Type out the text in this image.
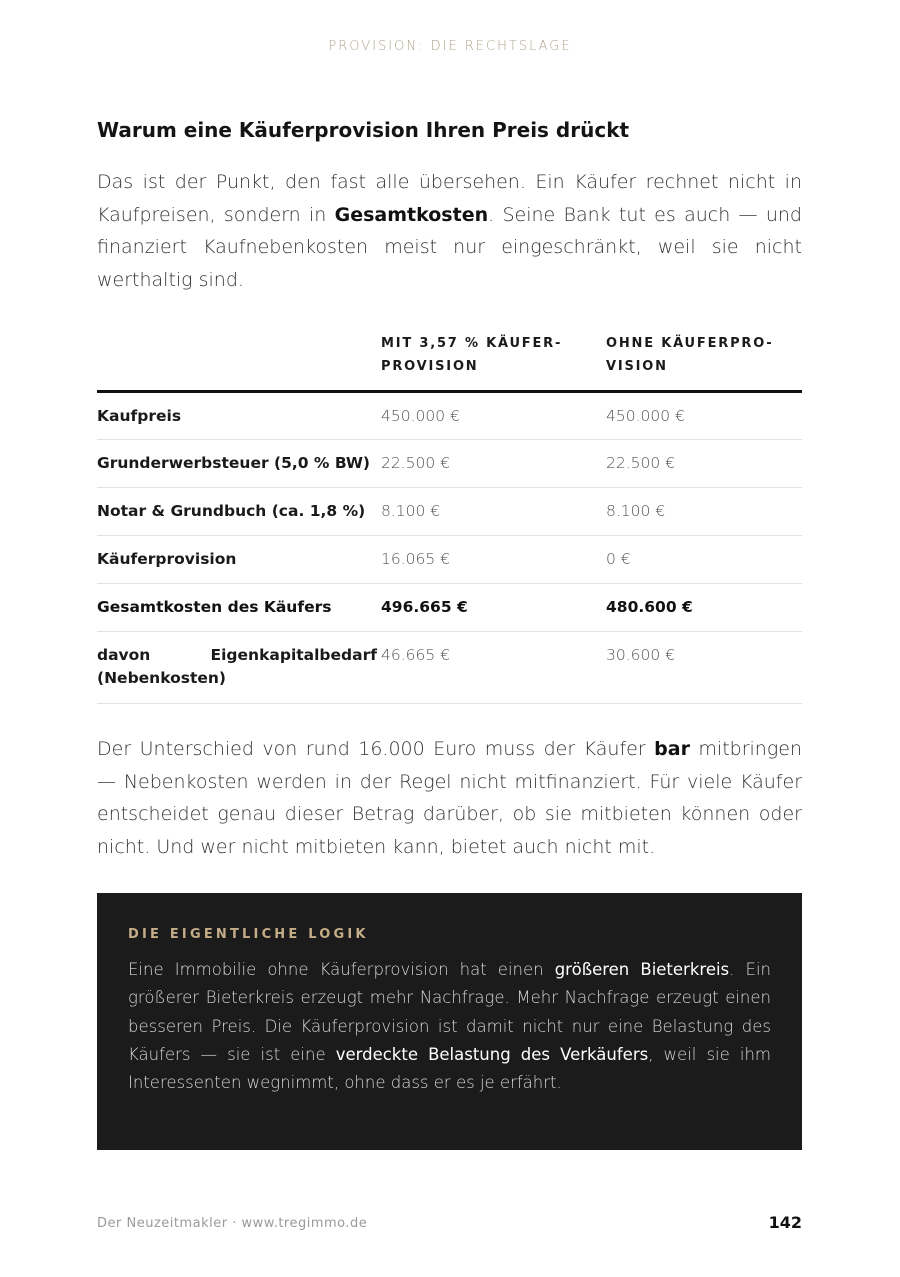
PROVISION: DIE RECHTSLAGE
Warum eine Käuferprovision Ihren Preis drückt

Das ist der Punkt, den fast alle übersehen. Ein Käufer rechnet nicht in Kaufpreisen, sondern in Gesamtkosten. Seine Bank tut es auch — und finanziert Kaufnebenkosten meist nur eingeschränkt, weil sie nicht werthaltig sind.

	MIT 3,57 % KÄUFER-PROVISION	OHNE KÄUFERPRO-VISION
Kaufpreis	450.000 €	450.000 €
Grunderwerbsteuer (5,0 % BW)	22.500 €	22.500 €
Notar & Grundbuch (ca. 1,8 %)	8.100 €	8.100 €
Käuferprovision	16.065 €	0 €
Gesamtkosten des Käufers	496.665 €	480.600 €
davon Eigenkapitalbedarf (Nebenkosten)	46.665 €	30.600 €

Der Unterschied von rund 16.000 Euro muss der Käufer bar mitbringen — Nebenkosten werden in der Regel nicht mitfinanziert. Für viele Käufer entscheidet genau dieser Betrag darüber, ob sie mitbieten können oder nicht. Und wer nicht mitbieten kann, bietet auch nicht mit.

DIE EIGENTLICHE LOGIK

Eine Immobilie ohne Käuferprovision hat einen größeren Bieterkreis. Ein größerer Bieterkreis erzeugt mehr Nachfrage. Mehr Nachfrage erzeugt einen besseren Preis. Die Käuferprovision ist damit nicht nur eine Belastung des Käufers — sie ist eine verdeckte Belastung des Verkäufers, weil sie ihm Interessenten wegnimmt, ohne dass er es je erfährt.

Der Neuzeitmakler · www.tregimmo.de	142
